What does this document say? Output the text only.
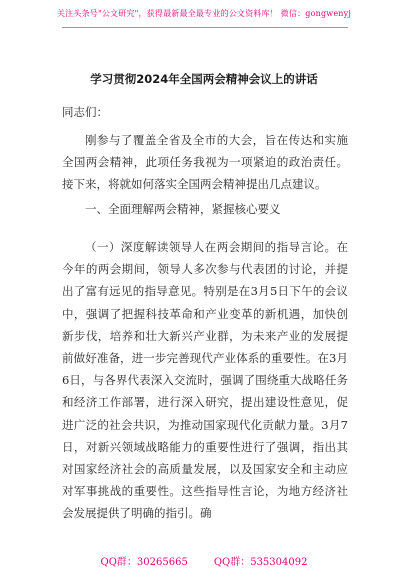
关注头条号"公文研究"，获得最新最全最专业的公文资料库！ 微信：gongwenyj
学习贯彻2024年全国两会精神会议上的讲话
同志们：
刚参与了覆盖全省及全市的大会，旨在传达和实施全国两会精神，此项任务我视为一项紧迫的政治责任。接下来，将就如何落实全国两会精神提出几点建议。
一、全面理解两会精神，紧握核心要义
（一）深度解读领导人在两会期间的指导言论。在今年的两会期间，领导人多次参与代表团的讨论，并提出了富有远见的指导意见。特别是在3月5日下午的会议中，强调了把握科技革命和产业变革的新机遇，加快创新步伐，培养和壮大新兴产业群，为未来产业的发展提前做好准备，进一步完善现代产业体系的重要性。在3月6日，与各界代表深入交流时，强调了围绕重大战略任务和经济工作部署，进行深入研究，提出建设性意见，促进广泛的社会共识，为推动国家现代化贡献力量。3月7日，对新兴领域战略能力的重要性进行了强调，指出其对国家经济社会的高质量发展，以及国家安全和主动应对军事挑战的重要性。这些指导性言论，为地方经济社会发展提供了明确的指引。确
QQ群：30265665	QQ群：535304092
